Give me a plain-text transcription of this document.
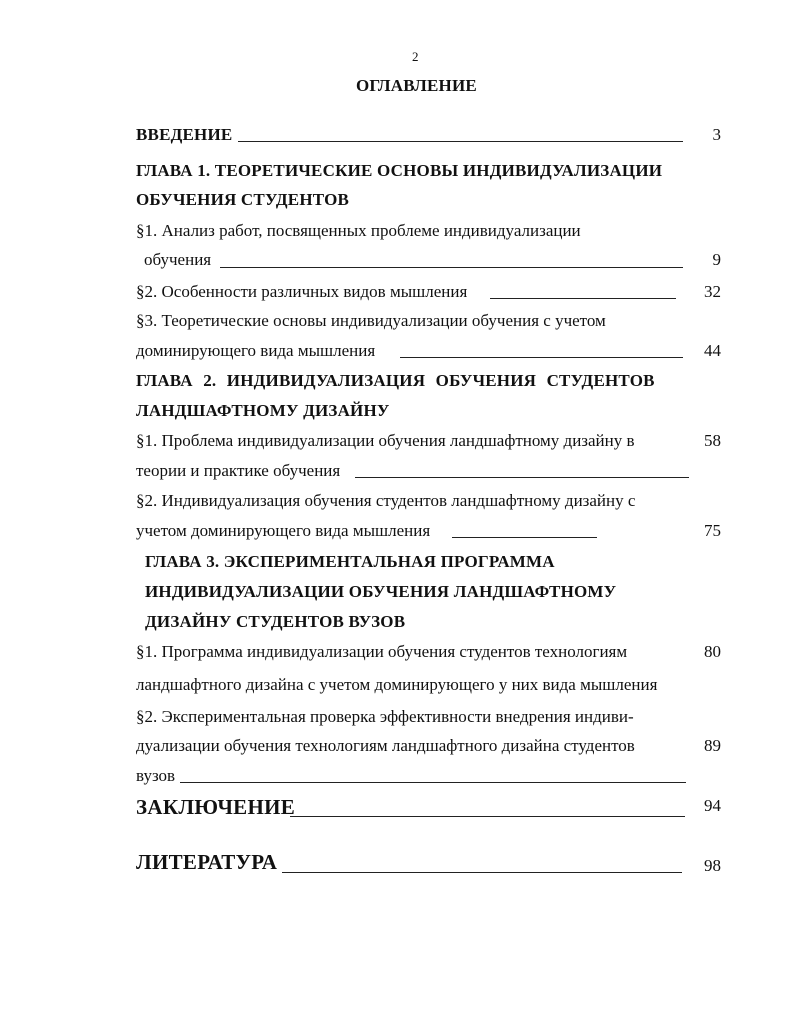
2
ОГЛАВЛЕНИЕ
ВВЕДЕНИЕ	3
ГЛАВА 1. ТЕОРЕТИЧЕСКИЕ ОСНОВЫ ИНДИВИДУАЛИЗАЦИИ
ОБУЧЕНИЯ СТУДЕНТОВ
§1. Анализ работ, посвященных проблеме индивидуализации
обучения	9
§2. Особенности различных видов мышления	32
§3. Теоретические основы индивидуализации обучения с учетом
доминирующего вида мышления	44
ГЛАВА 2. ИНДИВИДУАЛИЗАЦИЯ ОБУЧЕНИЯ СТУДЕНТОВ
ЛАНДШАФТНОМУ ДИЗАЙНУ
§1. Проблема индивидуализации обучения ландшафтному дизайну в	58
теории и практике обучения
§2. Индивидуализация обучения студентов ландшафтному дизайну с
учетом доминирующего вида мышления	75
ГЛАВА 3. ЭКСПЕРИМЕНТАЛЬНАЯ ПРОГРАММА
ИНДИВИДУАЛИЗАЦИИ ОБУЧЕНИЯ ЛАНДШАФТНОМУ
ДИЗАЙНУ СТУДЕНТОВ ВУЗОВ
§1. Программа индивидуализации обучения студентов технологиям	80
ландшафтного дизайна с учетом доминирующего у них вида мышления
§2. Экспериментальная проверка эффективности внедрения индиви-
дуализации обучения технологиям ландшафтного дизайна студентов	89
вузов
ЗАКЛЮЧЕНИЕ	94
ЛИТЕРАТУРА	98
